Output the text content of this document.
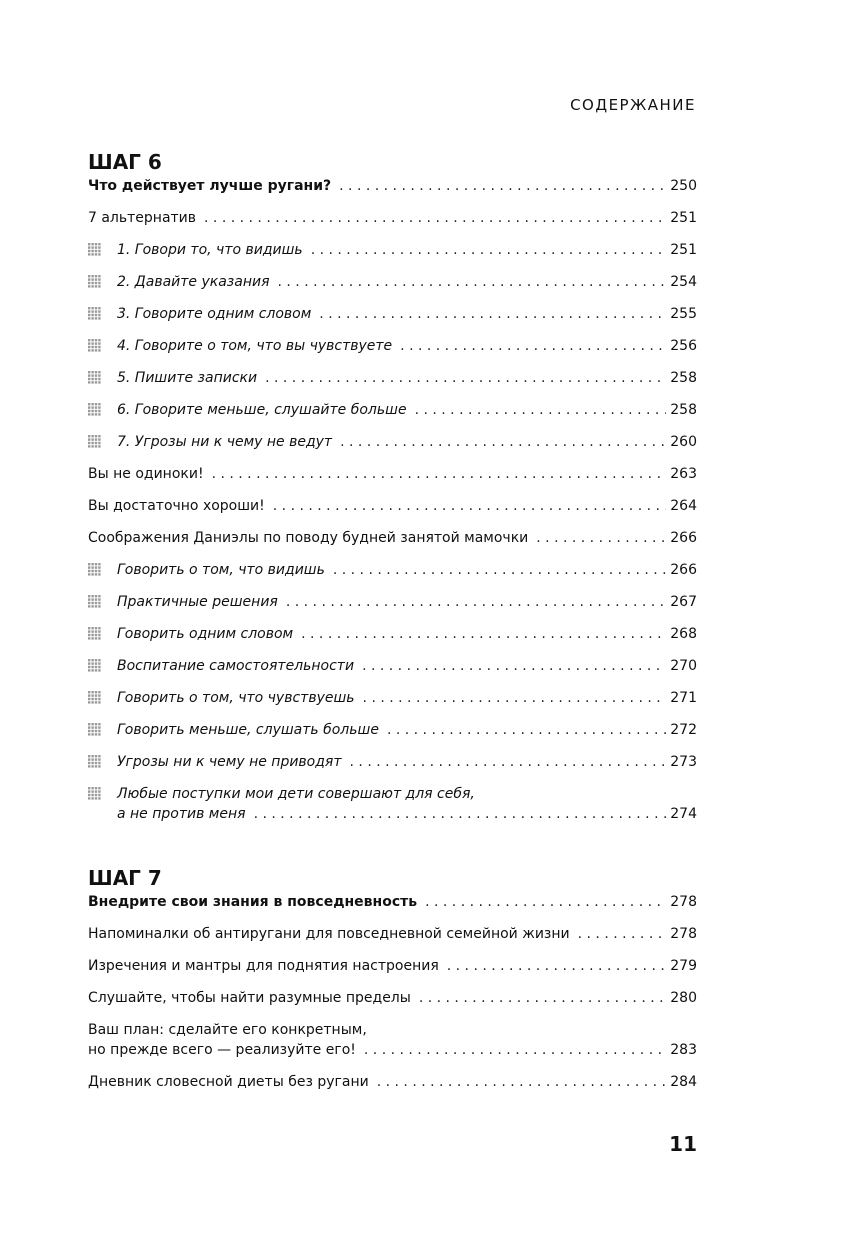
СОДЕРЖАНИЕ
ШАГ 6
Что действует лучше ругани? . . .	250
7 альтернатив . . .	251
1. Говори то, что видишь . . .	251
2. Давайте указания . . .	254
3. Говорите одним словом . . .	255
4. Говорите о том, что вы чувствуете . . .	256
5. Пишите записки . . .	258
6. Говорите меньше, слушайте больше . . .	258
7. Угрозы ни к чему не ведут . . .	260
Вы не одиноки! . . .	263
Вы достаточно хороши! . . .	264
Соображения Даниэлы по поводу будней занятой мамочки . . .	266
Говорить о том, что видишь . . .	266
Практичные решения . . .	267
Говорить одним словом . . .	268
Воспитание самостоятельности . . .	270
Говорить о том, что чувствуешь . . .	271
Говорить меньше, слушать больше . . .	272
Угрозы ни к чему не приводят . . .	273
Любые поступки мои дети совершают для себя,
а не против меня . . .	274
ШАГ 7
Внедрите свои знания в повседневность . . .	278
Напоминалки об антиругани для повседневной семейной жизни . . .	278
Изречения и мантры для поднятия настроения . . .	279
Слушайте, чтобы найти разумные пределы . . .	280
Ваш план: сделайте его конкретным,
но прежде всего — реализуйте его! . . .	283
Дневник словесной диеты без ругани . . .	284
11
